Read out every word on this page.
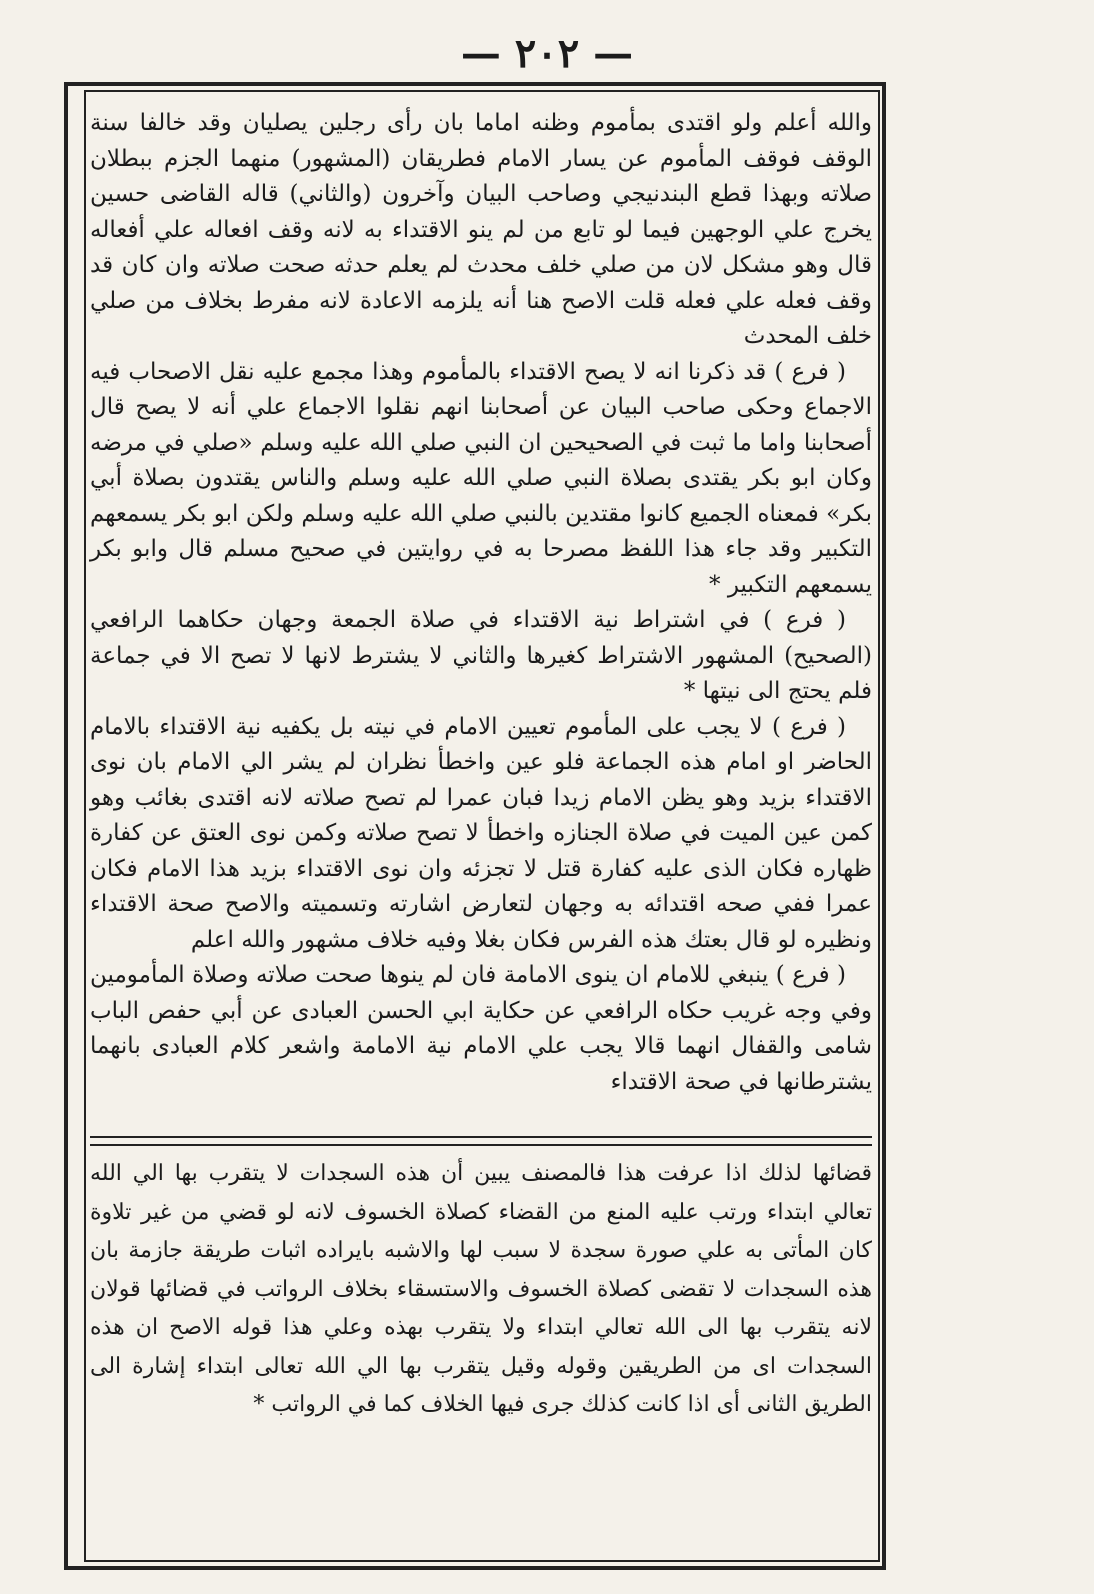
— ٢٠٢ —

والله أعلم ولو اقتدى بمأموم وظنه اماما بان رأى رجلين يصليان وقد خالفا سنة الوقف فوقف المأموم عن يسار الامام فطريقان (المشهور) منهما الجزم ببطلان صلاته وبهذا قطع البندنيجي وصاحب البيان وآخرون (والثاني) قاله القاضى حسين يخرج علي الوجهين فيما لو تابع من لم ينو الاقتداء به لانه وقف افعاله علي أفعاله قال وهو مشكل لان من صلي خلف محدث لم يعلم حدثه صحت صلاته وان كان قد وقف فعله علي فعله قلت الاصح هنا أنه يلزمه الاعادة لانه مفرط بخلاف من صلي خلف المحدث

( فرع ) قد ذكرنا انه لا يصح الاقتداء بالمأموم وهذا مجمع عليه نقل الاصحاب فيه الاجماع وحكى صاحب البيان عن أصحابنا انهم نقلوا الاجماع علي أنه لا يصح قال أصحابنا واما ما ثبت في الصحيحين ان النبي صلي الله عليه وسلم «صلي في مرضه وكان ابو بكر يقتدى بصلاة النبي صلي الله عليه وسلم والناس يقتدون بصلاة أبي بكر» فمعناه الجميع كانوا مقتدين بالنبي صلي الله عليه وسلم ولكن ابو بكر يسمعهم التكبير وقد جاء هذا اللفظ مصرحا به في روايتين في صحيح مسلم قال وابو بكر يسمعهم التكبير *

( فرع ) في اشتراط نية الاقتداء في صلاة الجمعة وجهان حكاهما الرافعي (الصحيح) المشهور الاشتراط كغيرها والثاني لا يشترط لانها لا تصح الا في جماعة فلم يحتج الى نيتها *

( فرع ) لا يجب على المأموم تعيين الامام في نيته بل يكفيه نية الاقتداء بالامام الحاضر او امام هذه الجماعة فلو عين واخطأ نظران لم يشر الي الامام بان نوى الاقتداء بزيد وهو يظن الامام زيدا فبان عمرا لم تصح صلاته لانه اقتدى بغائب وهو كمن عين الميت في صلاة الجنازه واخطأ لا تصح صلاته وكمن نوى العتق عن كفارة ظهاره فكان الذى عليه كفارة قتل لا تجزئه وان نوى الاقتداء بزيد هذا الامام فكان عمرا ففي صحه اقتدائه به وجهان لتعارض اشارته وتسميته والاصح صحة الاقتداء ونظيره لو قال بعتك هذه الفرس فكان بغلا وفيه خلاف مشهور والله اعلم

( فرع ) ينبغي للامام ان ينوى الامامة فان لم ينوها صحت صلاته وصلاة المأمومين وفي وجه غريب حكاه الرافعي عن حكاية ابي الحسن العبادى عن أبي حفص الباب شامى والقفال انهما قالا يجب علي الامام نية الامامة واشعر كلام العبادى بانهما يشترطانها في صحة الاقتداء

قضائها لذلك اذا عرفت هذا فالمصنف يبين أن هذه السجدات لا يتقرب بها الي الله تعالي ابتداء ورتب عليه المنع من القضاء كصلاة الخسوف لانه لو قضي من غير تلاوة كان المأتى به علي صورة سجدة لا سبب لها والاشبه بايراده اثبات طريقة جازمة بان هذه السجدات لا تقضى كصلاة الخسوف والاستسقاء بخلاف الرواتب في قضائها قولان لانه يتقرب بها الى الله تعالي ابتداء ولا يتقرب بهذه وعلي هذا قوله الاصح ان هذه السجدات اى من الطريقين وقوله وقيل يتقرب بها الي الله تعالى ابتداء إشارة الى الطريق الثانى أى اذا كانت كذلك جرى فيها الخلاف كما في الرواتب *
